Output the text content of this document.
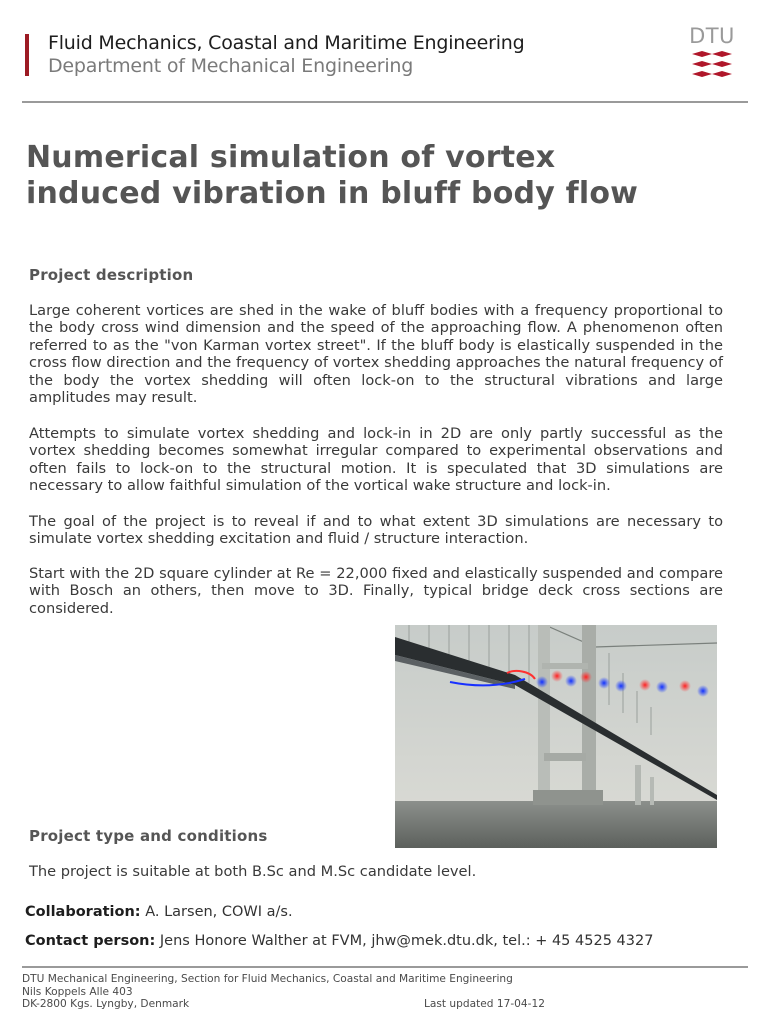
Fluid Mechanics, Coastal and Maritime Engineering
Department of Mechanical Engineering
DTU
Numerical simulation of vortex
induced vibration in bluff body flow
Project description
Large coherent vortices are shed in the wake of bluff bodies with a frequency proportional to the body cross wind dimension and the speed of the approaching flow. A phenomenon often referred to as the "von Karman vortex street". If the bluff body is elastically suspended in the cross flow direction and the frequency of vortex shedding approaches the natural frequency of the body the vortex shedding will often lock-on to the structural vibrations and large amplitudes may result.
Attempts to simulate vortex shedding and lock-in in 2D are only partly successful as the vortex shedding becomes somewhat irregular compared to experimental observations and often fails to lock-on to the structural motion. It is speculated that 3D simulations are necessary to allow faithful simulation of the vortical wake structure and lock-in.
The goal of the project is to reveal if and to what extent 3D simulations are necessary to simulate vortex shedding excitation and fluid / structure interaction.
Start with the 2D square cylinder at Re = 22,000 fixed and elastically suspended and compare with Bosch an others, then move to 3D. Finally, typical bridge deck cross sections are considered.
Project type and conditions
The project is suitable at both B.Sc and M.Sc candidate level.
Collaboration: A. Larsen, COWI a/s.
Contact person: Jens Honore Walther at FVM, jhw@mek.dtu.dk, tel.: + 45 4525 4327
DTU Mechanical Engineering, Section for Fluid Mechanics, Coastal and Maritime Engineering
Nils Koppels Alle 403
DK-2800 Kgs. Lyngby, Denmark	Last updated 17-04-12
